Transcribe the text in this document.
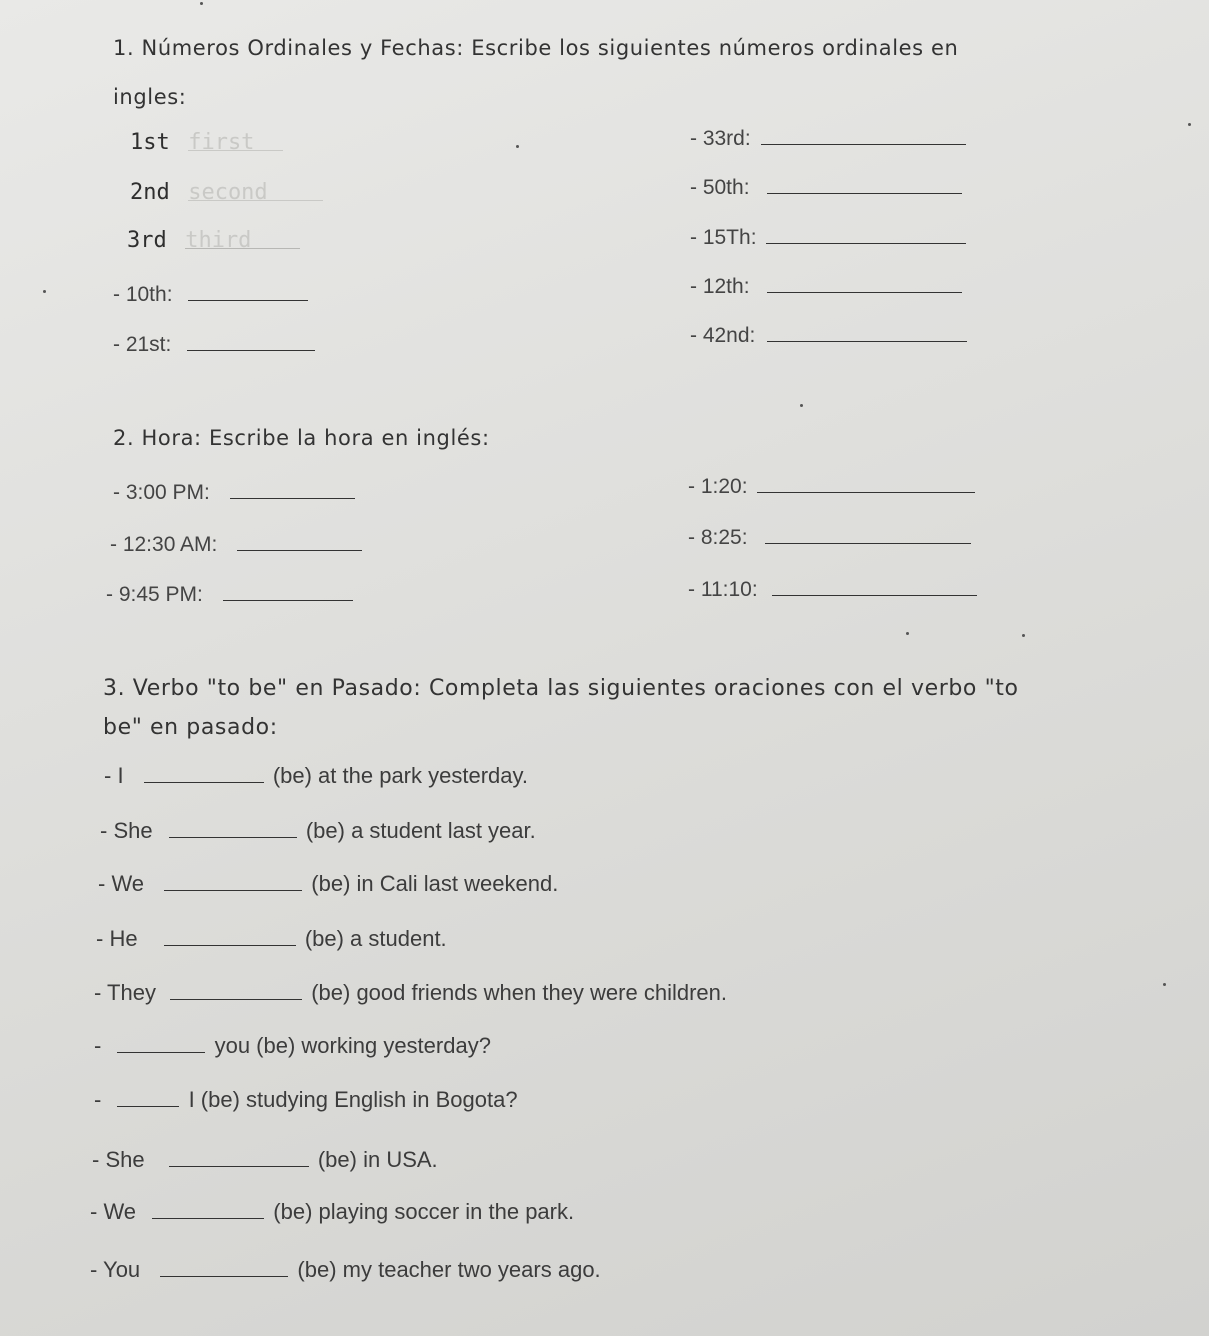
1. Números Ordinales y Fechas: Escribe los siguientes números ordinales en
ingles:
1st first
2nd second
3rd third
- 10th:
- 21st:
- 33rd:
- 50th:
- 15Th:
- 12th:
- 42nd:
2. Hora: Escribe la hora en inglés:
- 3:00 PM:
- 12:30 AM:
- 9:45 PM:
- 1:20:
- 8:25:
- 11:10:
3. Verbo "to be" en Pasado: Completa las siguientes oraciones con el verbo "to
be" en pasado:
- I	(be) at the park yesterday.
- She	(be) a student last year.
- We	(be) in Cali last weekend.
- He	(be) a student.
- They	(be) good friends when they were children.
-	you (be) working yesterday?
-	I (be) studying English in Bogota?
- She	(be) in USA.
- We	(be) playing soccer in the park.
- You	(be) my teacher two years ago.
